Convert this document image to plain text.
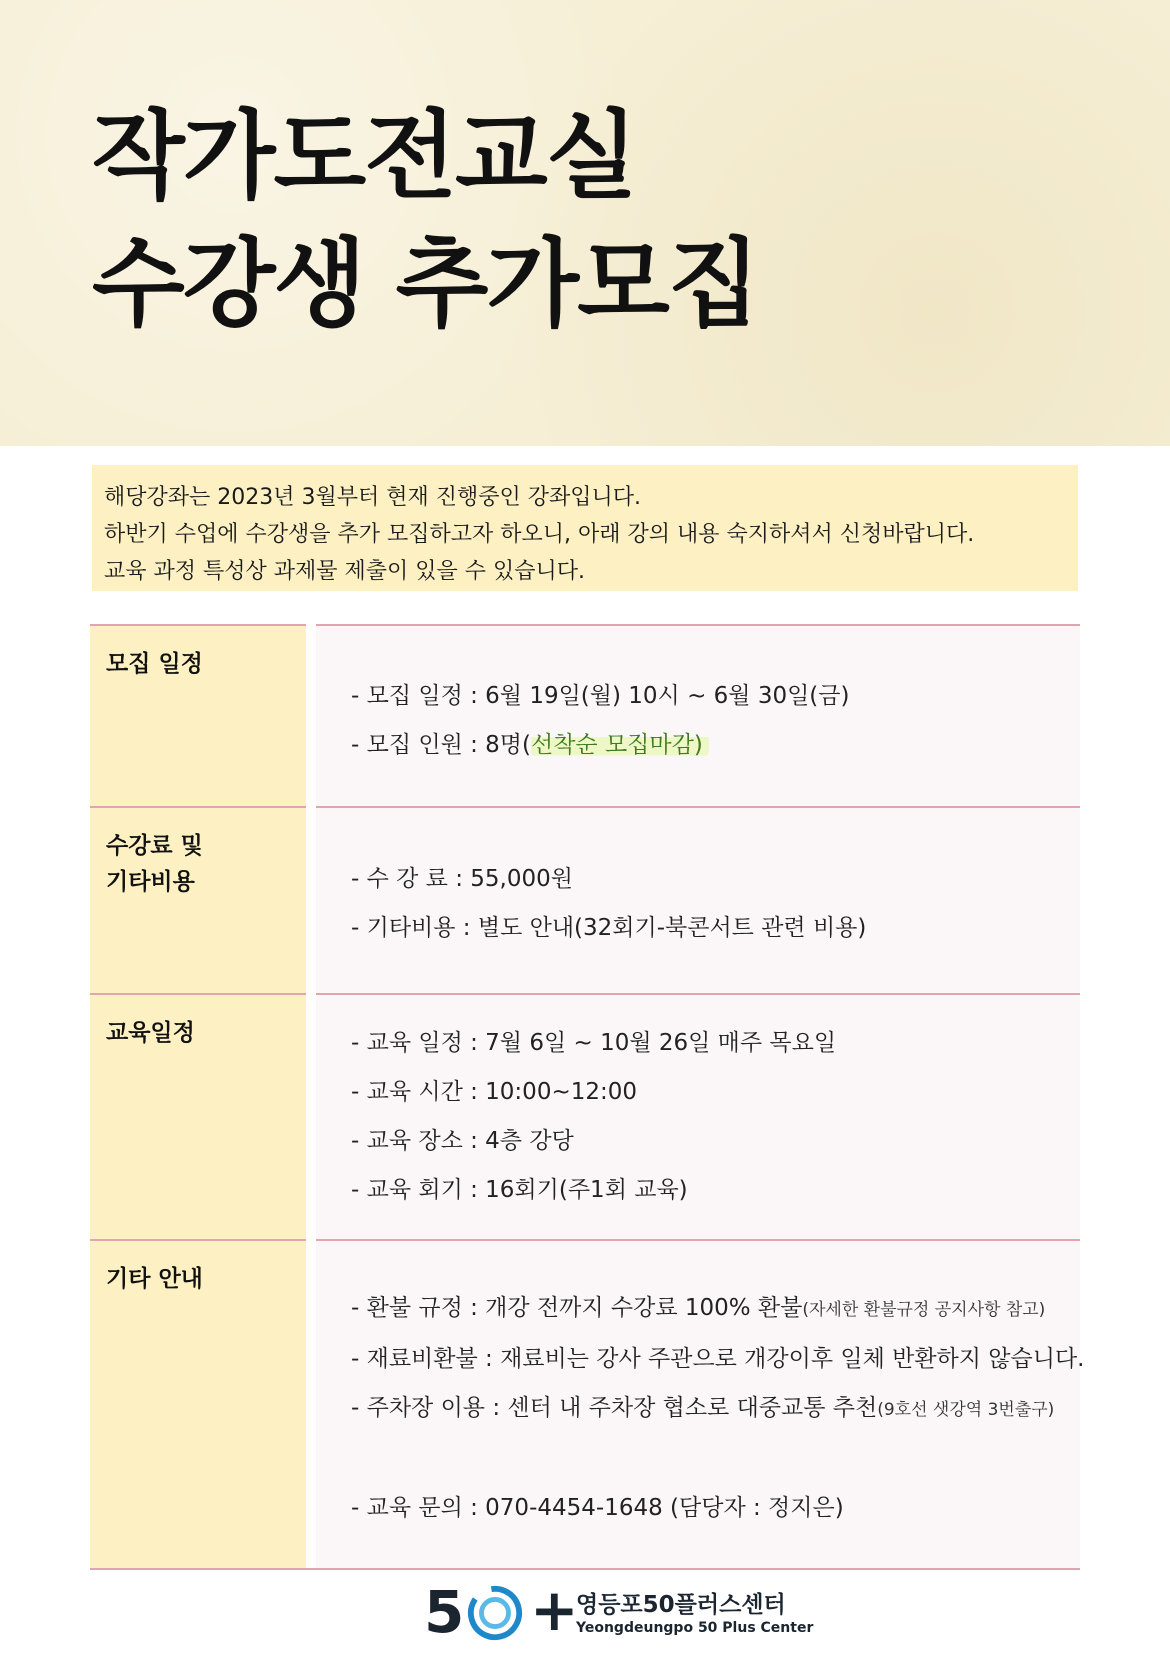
작가도전교실
수강생 추가모집

해당강좌는 2023년 3월부터 현재 진행중인 강좌입니다.

하반기 수업에 수강생을 추가 모집하고자 하오니, 아래 강의 내용 숙지하셔서 신청바랍니다.

교육 과정 특성상 과제물 제출이 있을 수 있습니다.

모집 일정
- 모집 일정 : 6월 19일(월) 10시 ~ 6월 30일(금)
- 모집 인원 : 8명(선착순 모집마감)
수강료 및
기타비용	- 수 강 료 : 55,000원
- 기타비용 : 별도 안내(32회기-북콘서트 관련 비용)
교육일정	- 교육 일정 : 7월 6일 ~ 10월 26일 매주 목요일
- 교육 시간 : 10:00~12:00
- 교육 장소 : 4층 강당
- 교육 회기 : 16회기(주1회 교육)
기타 안내
- 환불 규정 : 개강 전까지 수강료 100% 환불(자세한 환불규정 공지사항 참고)
- 재료비환불 : 재료비는 강사 주관으로 개강이후 일체 반환하지 않습니다.
- 주차장 이용 : 센터 내 주차장 협소로 대중교통 추천(9호선 샛강역 3번출구)
- 교육 문의 : 070-4454-1648 (담당자 : 정지은)
5 +
영등포50플러스센터
Yeongdeungpo 50 Plus Center
